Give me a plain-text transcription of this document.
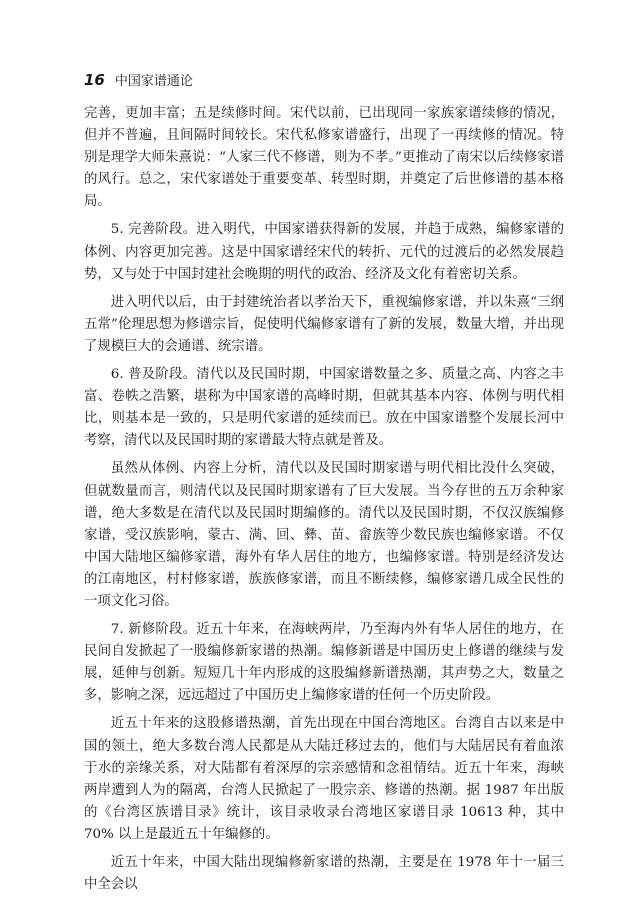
16 中国家谱通论

完善，更加丰富；五是续修时间。宋代以前，已出现同一家族家谱续修的情况，但并不普遍，且间隔时间较长。宋代私修家谱盛行，出现了一再续修的情况。特别是理学大师朱熹说：“人家三代不修谱，则为不孝。”更推动了南宋以后续修家谱的风行。总之，宋代家谱处于重要变革、转型时期，并奠定了后世修谱的基本格局。

5. 完善阶段。进入明代，中国家谱获得新的发展，并趋于成熟，编修家谱的体例、内容更加完善。这是中国家谱经宋代的转折、元代的过渡后的必然发展趋势，又与处于中国封建社会晚期的明代的政治、经济及文化有着密切关系。

进入明代以后，由于封建统治者以孝治天下，重视编修家谱，并以朱熹“三纲五常”伦理思想为修谱宗旨，促使明代编修家谱有了新的发展，数量大增，并出现了规模巨大的会通谱、统宗谱。

6. 普及阶段。清代以及民国时期，中国家谱数量之多、质量之高、内容之丰富、卷帙之浩繁，堪称为中国家谱的高峰时期，但就其基本内容、体例与明代相比，则基本是一致的，只是明代家谱的延续而已。放在中国家谱整个发展长河中考察，清代以及民国时期的家谱最大特点就是普及。

虽然从体例、内容上分析，清代以及民国时期家谱与明代相比没什么突破，但就数量而言，则清代以及民国时期家谱有了巨大发展。当今存世的五万余种家谱，绝大多数是在清代以及民国时期编修的。清代以及民国时期，不仅汉族编修家谱，受汉族影响，蒙古、满、回、彝、苗、畲族等少数民族也编修家谱。不仅中国大陆地区编修家谱，海外有华人居住的地方，也编修家谱。特别是经济发达的江南地区，村村修家谱，族族修家谱，而且不断续修，编修家谱几成全民性的一项文化习俗。

7. 新修阶段。近五十年来，在海峡两岸，乃至海内外有华人居住的地方，在民间自发掀起了一股编修新家谱的热潮。编修新谱是中国历史上修谱的继续与发展，延伸与创新。短短几十年内形成的这股编修新谱热潮，其声势之大，数量之多，影响之深，远远超过了中国历史上编修家谱的任何一个历史阶段。

近五十年来的这股修谱热潮，首先出现在中国台湾地区。台湾自古以来是中国的领土，绝大多数台湾人民都是从大陆迁移过去的，他们与大陆居民有着血浓于水的亲缘关系，对大陆都有着深厚的宗亲感情和念祖情结。近五十年来，海峡两岸遭到人为的隔离，台湾人民掀起了一股宗亲、修谱的热潮。据 1987 年出版的《台湾区族谱目录》统计，该目录收录台湾地区家谱目录 10613 种，其中 70% 以上是最近五十年编修的。

近五十年来，中国大陆出现编修新家谱的热潮，主要是在 1978 年十一届三中全会以
